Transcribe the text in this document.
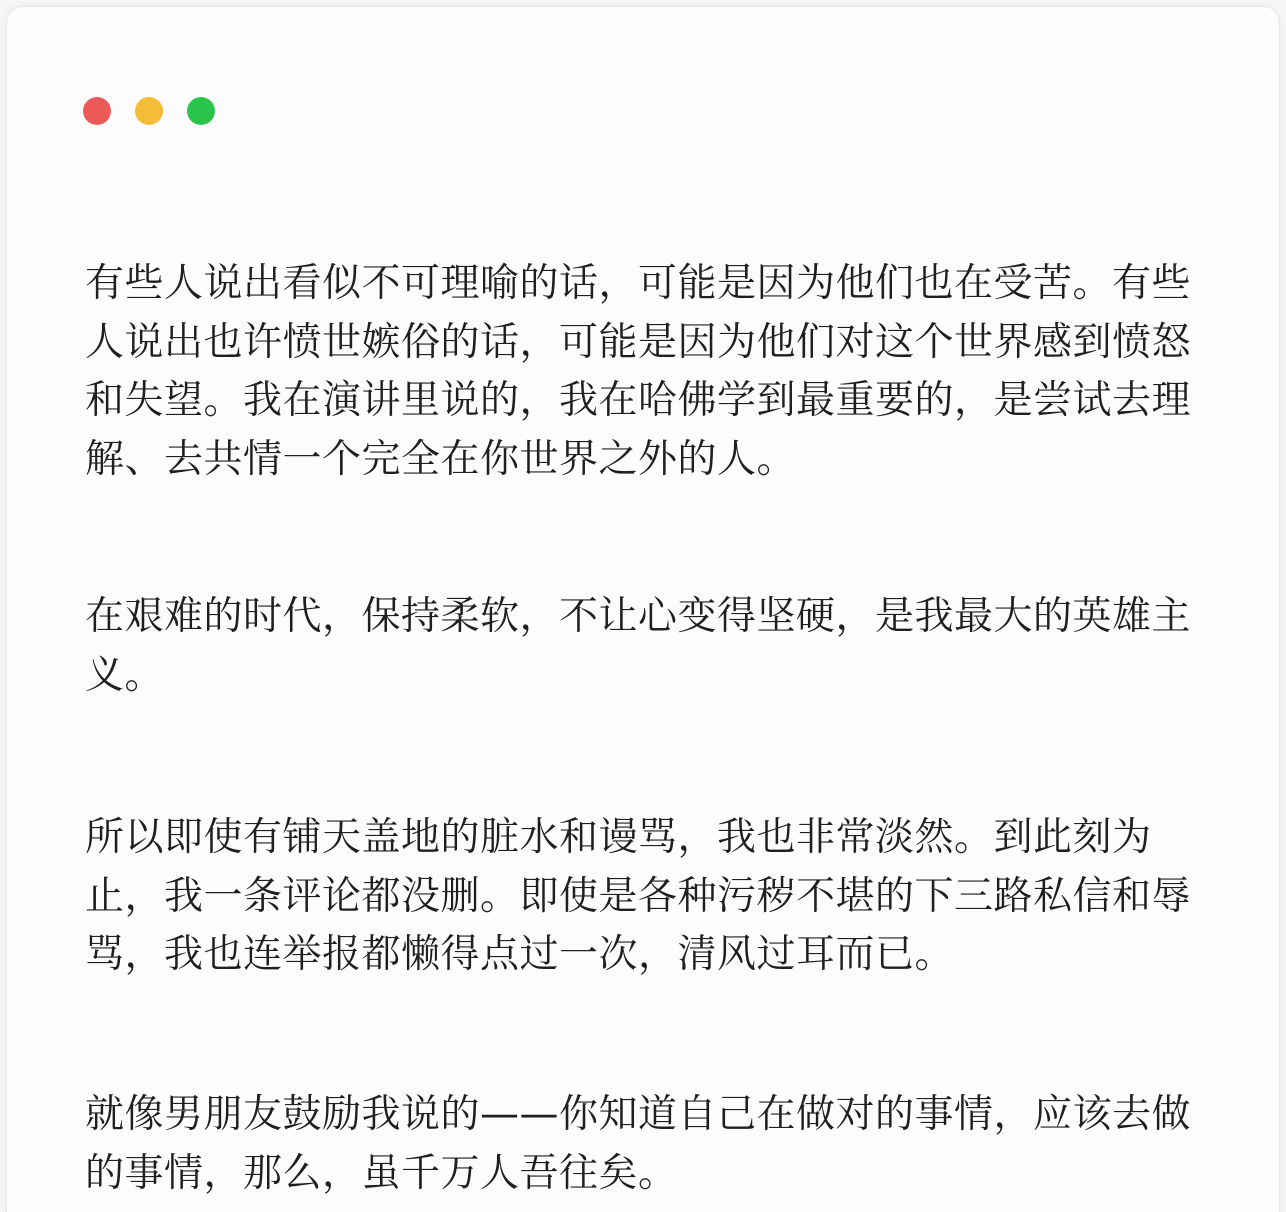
有些人说出看似不可理喻的话，可能是因为他们也在受苦。有些人说出也许愤世嫉俗的话，可能是因为他们对这个世界感到愤怒和失望。我在演讲里说的，我在哈佛学到最重要的，是尝试去理解、去共情一个完全在你世界之外的人。

在艰难的时代，保持柔软，不让心变得坚硬，是我最大的英雄主义。

所以即使有铺天盖地的脏水和谩骂，我也非常淡然。到此刻为止，我一条评论都没删。即使是各种污秽不堪的下三路私信和辱骂，我也连举报都懒得点过一次，清风过耳而已。

就像男朋友鼓励我说的——你知道自己在做对的事情，应该去做的事情，那么，虽千万人吾往矣。
